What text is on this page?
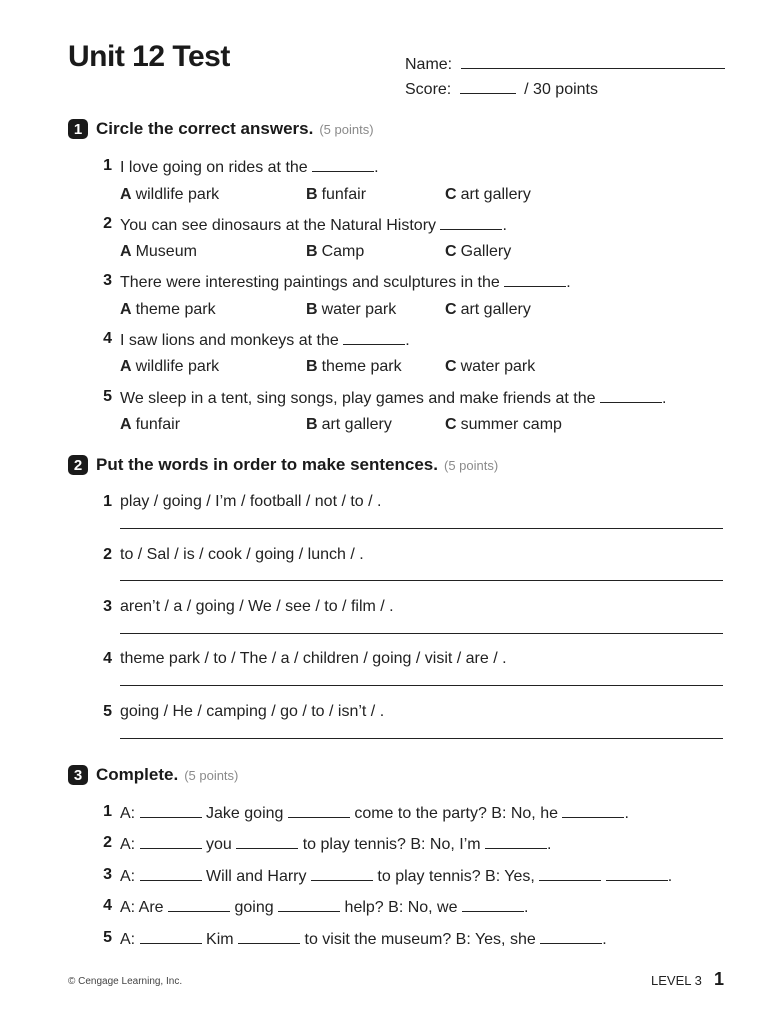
Unit 12 Test	Name:
Score:	/ 30 points
1 Circle the correct answers. (5 points)
1 I love going on rides at the	.
A wildlife park	B funfair	C art gallery
2 You can see dinosaurs at the Natural History	.
A Museum	B Camp	C Gallery
3 There were interesting paintings and sculptures in the	.
A theme park	B water park	C art gallery
4 I saw lions and monkeys at the	.
A wildlife park	B theme park	C water park
5 We sleep in a tent, sing songs, play games and make friends at the	.
A funfair	B art gallery	C summer camp
2 Put the words in order to make sentences. (5 points)
1 play / going / I’m / football / not / to / .
2 to / Sal / is / cook / going / lunch / .
3 aren’t / a / going / We / see / to / film / .
4 theme park / to / The / a / children / going / visit / are / .
5 going / He / camping / go / to / isn’t / .
3 Complete. (5 points)
1 A:	Jake going	come to the party? B: No, he	.
2 A:	you	to play tennis? B: No, I’m	.
3 A:	Will and Harry	to play tennis? B: Yes,	.
4 A: Are	going	help? B: No, we	.
5 A:	Kim	to visit the museum? B: Yes, she	.
© Cengage Learning, Inc.	LEVEL 3 1
